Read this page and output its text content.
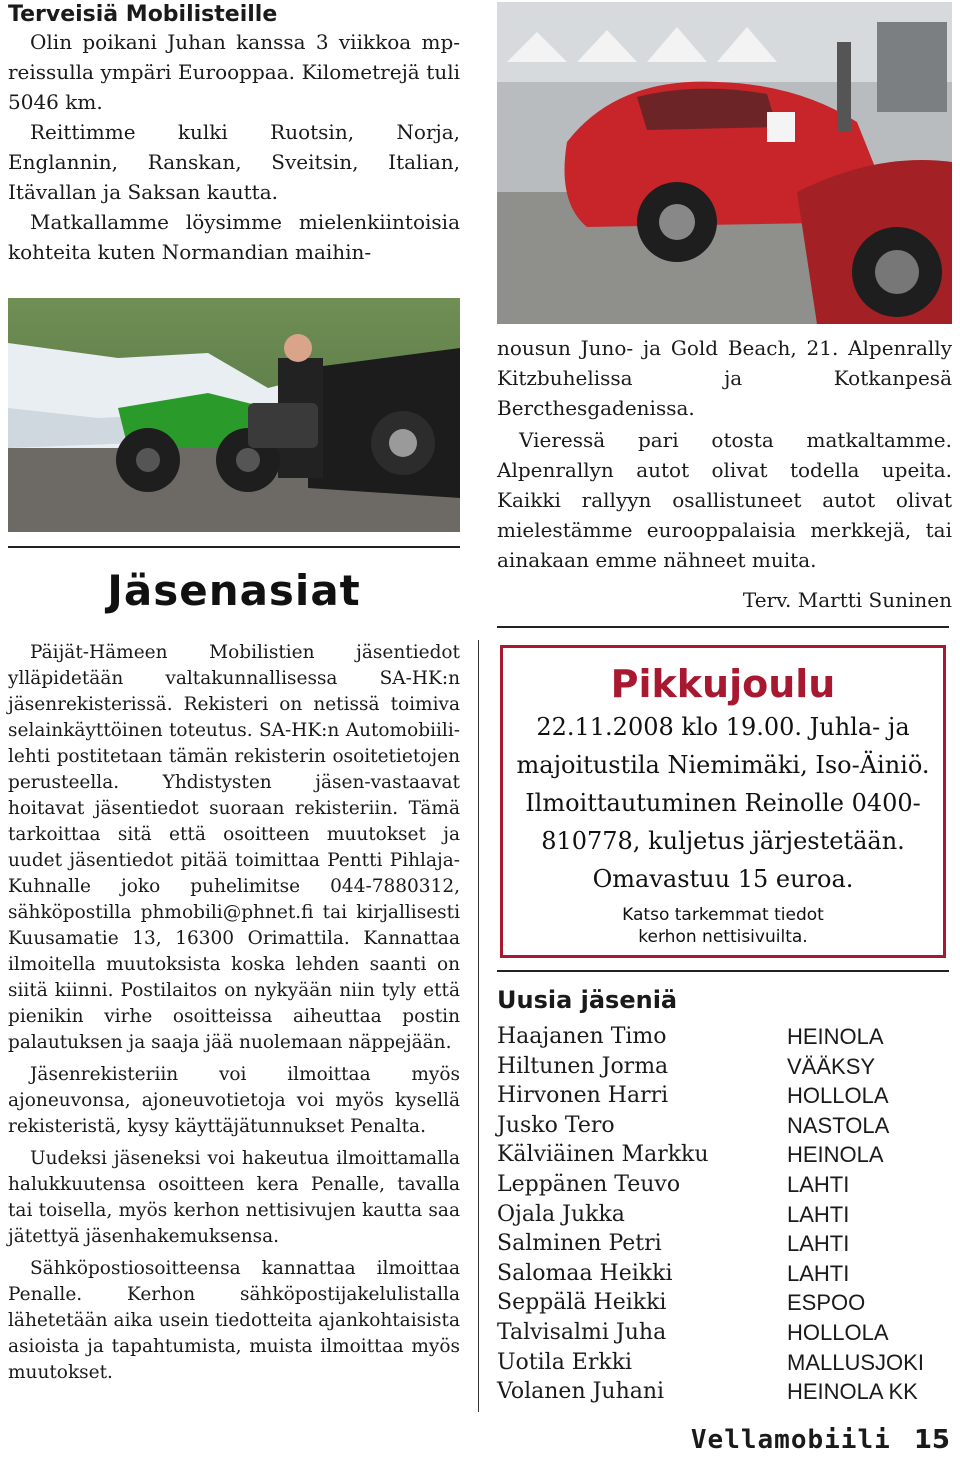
Terveisiä Mobilisteille

Olin poikani Juhan kanssa 3 viikkoa mp-reissulla ympäri Eurooppaa. Kilometrejä tuli 5046 km.

Reittimme kulki Ruotsin, Norja, Englannin, Ranskan, Sveitsin, Italian, Itävallan ja Saksan kautta.

Matkallamme löysimme mielenkiintoisia kohteita kuten Normandian maihin-

Jäsenasiat

Päijät-Hämeen Mobilistien jäsentiedot ylläpidetään valtakunnallisessa SA-HK:n jäsenrekisterissä. Rekisteri on netissä toimiva selainkäyttöinen toteutus. SA-HK:n Automobiili-lehti postitetaan tämän rekisterin osoitetietojen perusteella. Yhdistysten jäsen-vastaavat hoitavat jäsentiedot suoraan rekisteriin. Tämä tarkoittaa sitä että osoitteen muutokset ja uudet jäsentiedot pitää toimittaa Pentti Pihlaja-Kuhnalle joko puhelimitse 044-7880312, sähköpostilla phmobili@phnet.fi tai kirjallisesti Kuusamatie 13, 16300 Orimattila. Kannattaa ilmoitella muutoksista koska lehden saanti on siitä kiinni. Postilaitos on nykyään niin tyly että pienikin virhe osoitteissa aiheuttaa postin palautuksen ja saaja jää nuolemaan näppejään.

Jäsenrekisteriin voi ilmoittaa myös ajoneuvonsa, ajoneuvotietoja voi myös kysellä rekisteristä, kysy käyttäjätunnukset Penalta.

Uudeksi jäseneksi voi hakeutua ilmoittamalla halukkuutensa osoitteen kera Penalle, tavalla tai toisella, myös kerhon nettisivujen kautta saa jätettyä jäsenhakemuksensa.

Sähköpostiosoitteensa kannattaa ilmoittaa Penalle. Kerhon sähköpostijakelulistalla lähetetään aika usein tiedotteita ajankohtaisista asioista ja tapahtumista, muista ilmoittaa myös muutokset.

nousun Juno- ja Gold Beach, 21. Alpenrally Kitzbuhelissa ja Kotkanpesä Bercthesgadenissa.

Vieressä pari otosta matkaltamme. Alpenrallyn autot olivat todella upeita. Kaikki rallyyn osallistuneet autot olivat mielestämme eurooppalaisia merkkejä, tai ainakaan emme nähneet muita.

Terv. Martti Suninen

Pikkujoulu
22.11.2008 klo 19.00. Juhla- ja
majoitustila Niemimäki, Iso-Äiniö.
Ilmoittautuminen Reinolle 0400-
810778, kuljetus järjestetään.
Omavastuu 15 euroa.
Katso tarkemmat tiedot kerhon nettisivuilta.
Uusia jäseniä
Haajanen Timo	HEINOLA
Hiltunen Jorma	VÄÄKSY
Hirvonen Harri	HOLLOLA
Jusko Tero	NASTOLA
Kälviäinen Markku	HEINOLA
Leppänen Teuvo	LAHTI
Ojala Jukka	LAHTI
Salminen Petri	LAHTI
Salomaa Heikki	LAHTI
Seppälä Heikki	ESPOO
Talvisalmi Juha	HOLLOLA
Uotila Erkki	MALLUSJOKI
Volanen Juhani	HEINOLA KK
Vellamobiili 15
